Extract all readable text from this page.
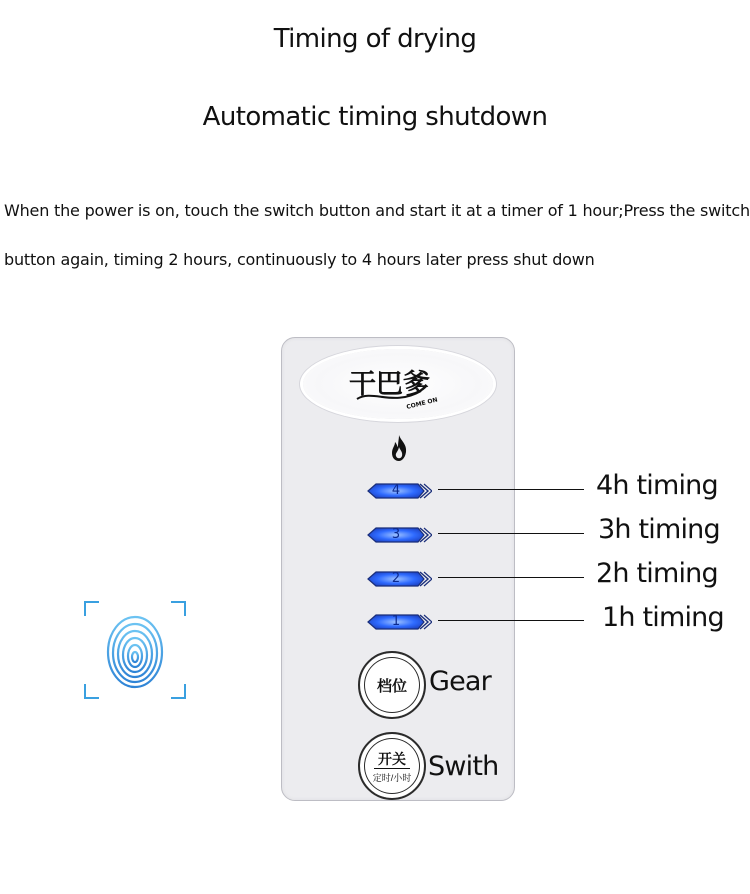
Timing of drying
Automatic timing shutdown
When the power is on, touch the switch button and start it at a timer of 1 hour;Press the switch
button again, timing 2 hours, continuously to 4 hours later press shut down
干巴爹
COME ON
4
3
2
1
档位
开关
定时/小时
Gear
Swith
4h timing
3h timing
2h timing
1h timing
